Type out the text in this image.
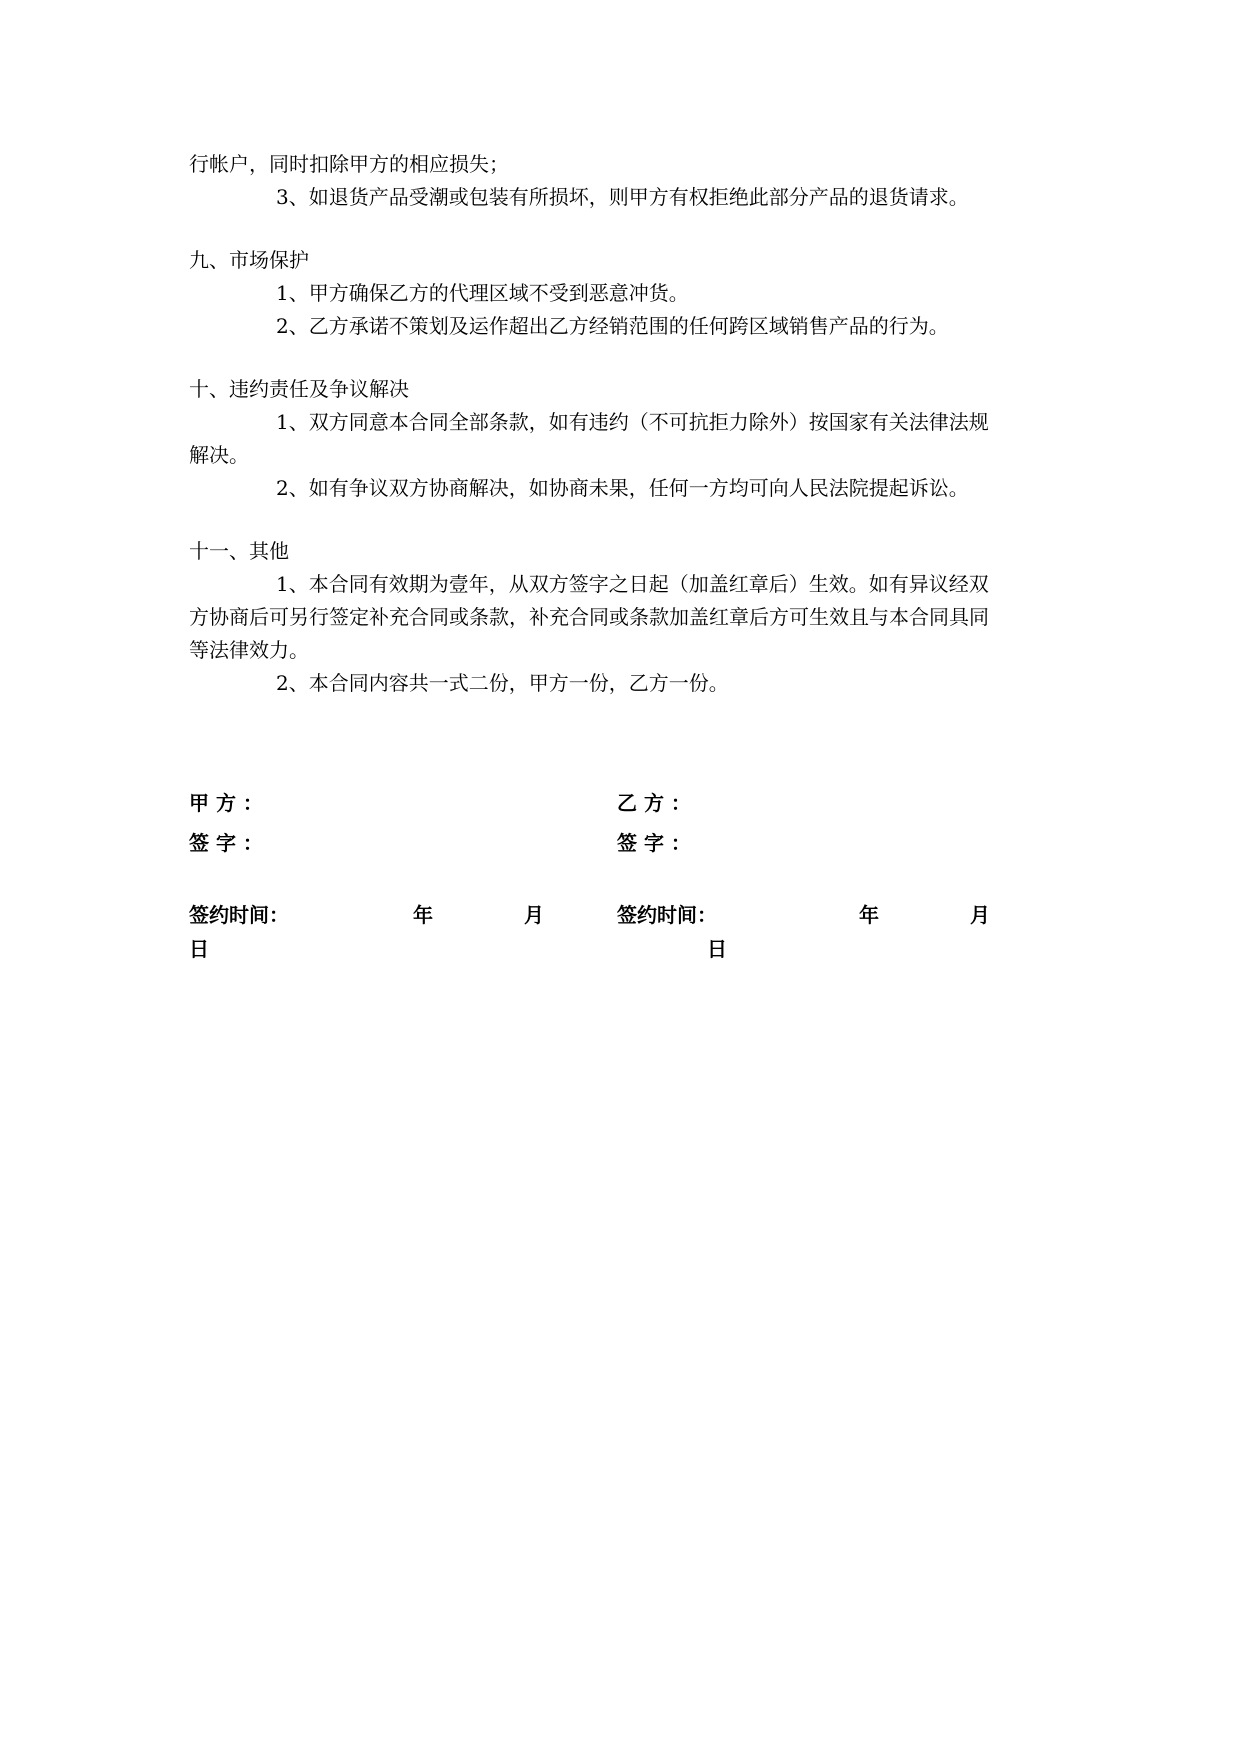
行帐户，同时扣除甲方的相应损失；

3、如退货产品受潮或包装有所损坏，则甲方有权拒绝此部分产品的退货请求。

九、市场保护

1、甲方确保乙方的代理区域不受到恶意冲货。

2、乙方承诺不策划及运作超出乙方经销范围的任何跨区域销售产品的行为。

十、违约责任及争议解决

1、双方同意本合同全部条款，如有违约（不可抗拒力除外）按国家有关法律法规

解决。

2、如有争议双方协商解决，如协商未果，任何一方均可向人民法院提起诉讼。

十一、其他

1、本合同有效期为壹年，从双方签字之日起（加盖红章后）生效。如有异议经双

方协商后可另行签定补充合同或条款，补充合同或条款加盖红章后方可生效且与本合同具同

等法律效力。

2、本合同内容共一式二份，甲方一份，乙方一份。

甲 方 ：	乙 方 ：
签 字 ：	签 字 ：
签约时间：	年	月
日
签约时间：	年	月
日
